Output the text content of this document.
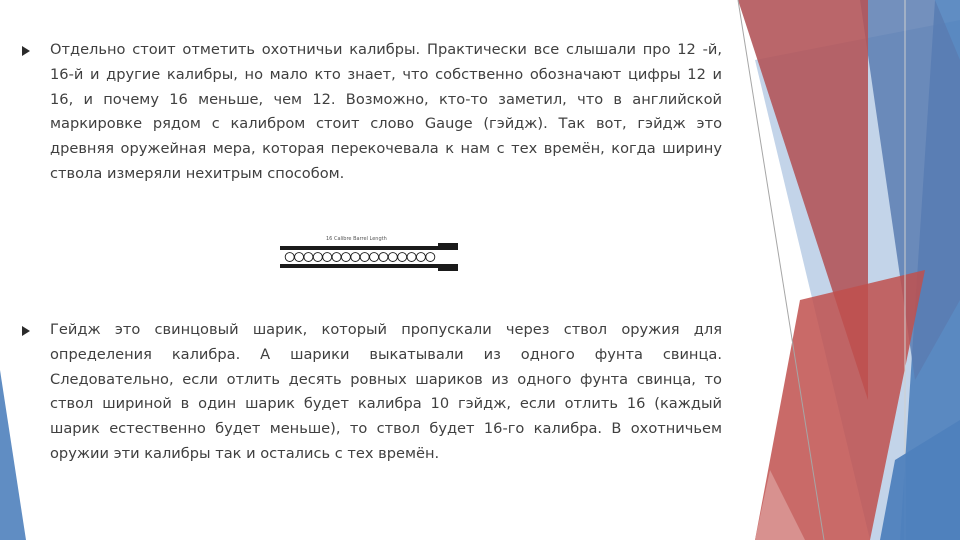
Отдельно стоит отметить охотничьи калибры. Практически все слышали про 12 -й, 16-й и другие калибры, но мало кто знает, что собственно обозначают цифры 12 и 16, и почему 16 меньше, чем 12. Возможно, кто-то заметил, что в английской маркировке рядом с калибром стоит слово Gauge (гэйдж). Так вот, гэйдж это древняя оружейная мера, которая перекочевала к нам с тех времён, когда ширину ствола измеряли нехитрым способом.
16 Calibre Barrel Length
Гейдж это свинцовый шарик, который пропускали через ствол оружия для определения калибра. А шарики выкатывали из одного фунта свинца. Следовательно, если отлить десять ровных шариков из одного фунта свинца, то ствол шириной в один шарик будет калибра 10 гэйдж, если отлить 16 (каждый шарик естественно будет меньше), то ствол будет 16-го калибра. В охотничьем оружии эти калибры так и остались с тех времён.
